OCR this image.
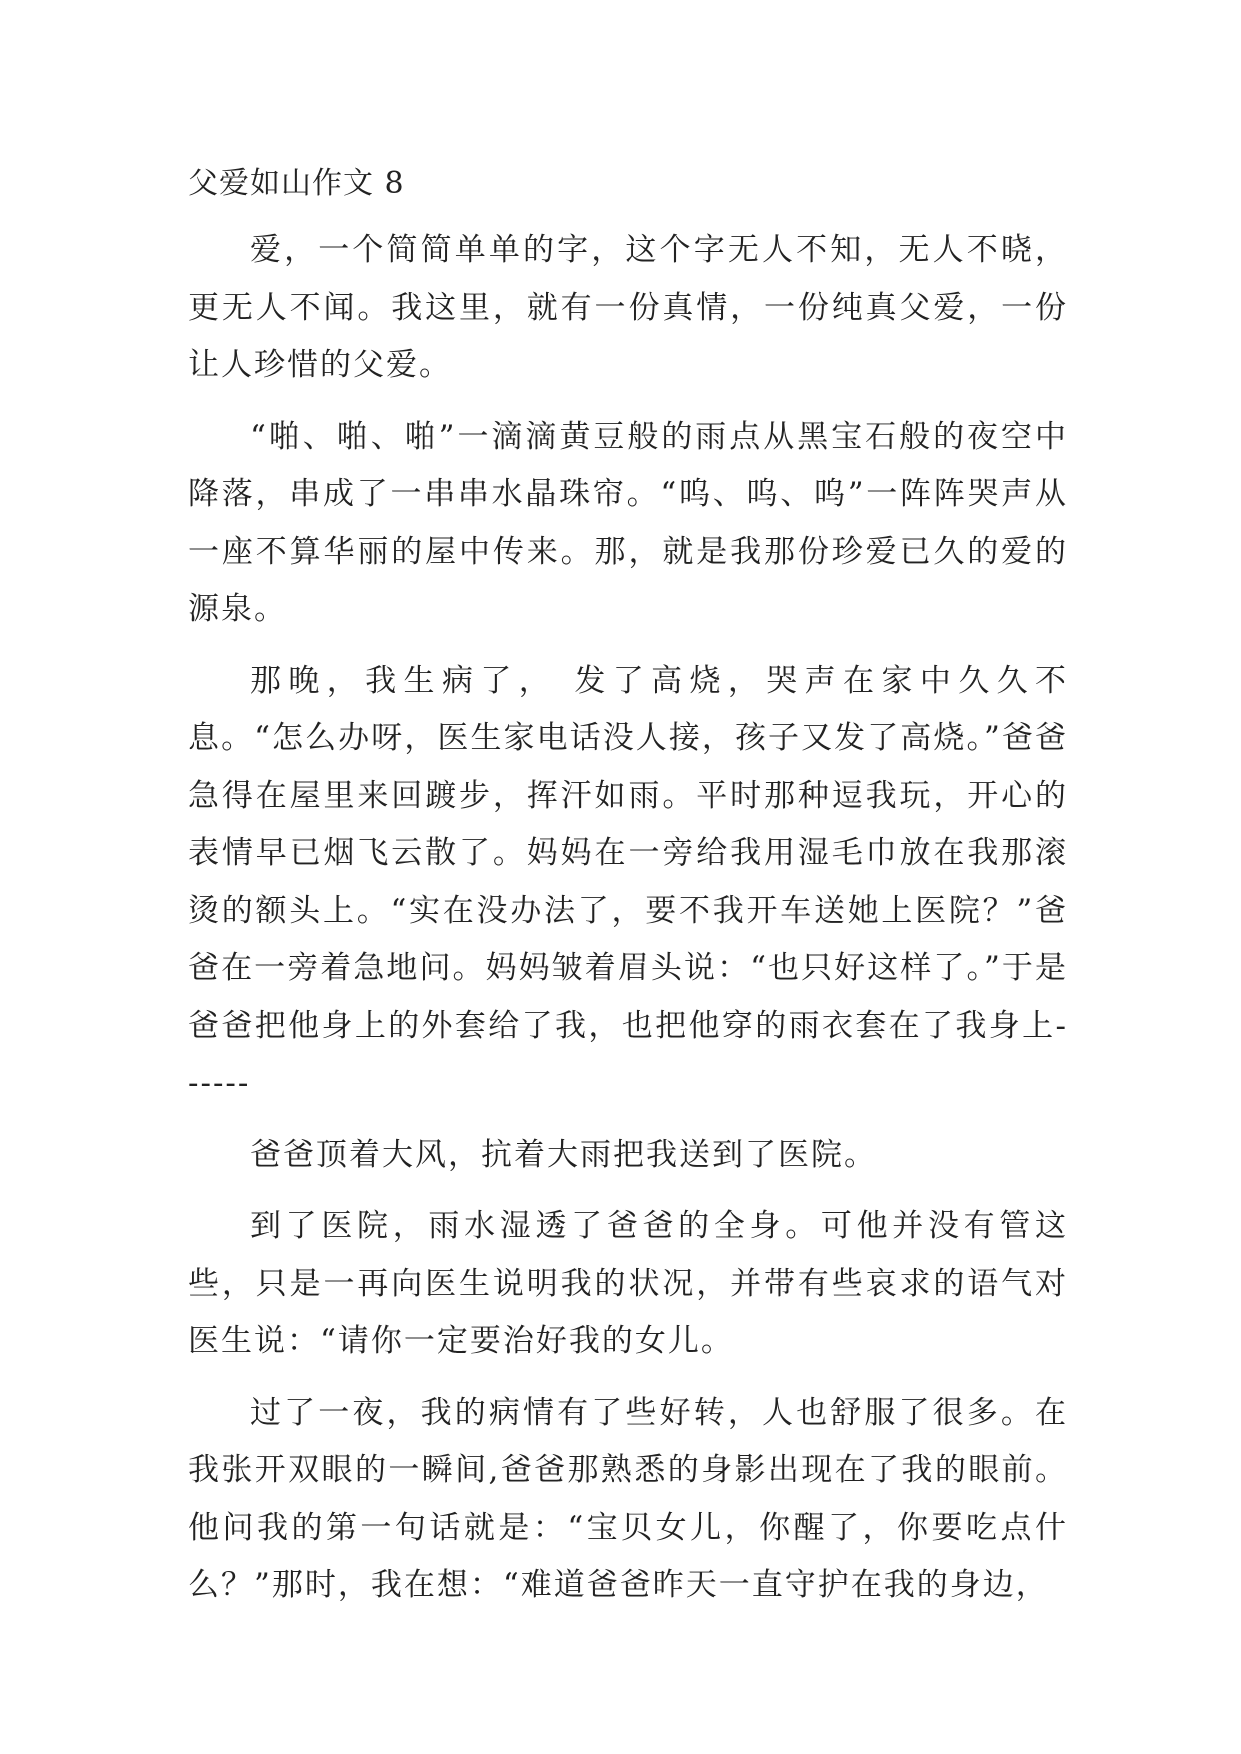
父爱如山作文 8

爱，一个简简单单的字，这个字无人不知，无人不晓，更无人不闻。我这里，就有一份真情，一份纯真父爱，一份让人珍惜的父爱。

“啪、啪、啪”一滴滴黄豆般的雨点从黑宝石般的夜空中降落，串成了一串串水晶珠帘。“呜、呜、呜”一阵阵哭声从一座不算华丽的屋中传来。那，就是我那份珍爱已久的爱的源泉。

那晚，我生病了， 发了高烧，哭声在家中久久不息。“怎么办呀，医生家电话没人接，孩子又发了高烧。”爸爸急得在屋里来回踱步，挥汗如雨。平时那种逗我玩，开心的表情早已烟飞云散了。妈妈在一旁给我用湿毛巾放在我那滚烫的额头上。“实在没办法了，要不我开车送她上医院？”爸爸在一旁着急地问。妈妈皱着眉头说：“也只好这样了。”于是爸爸把他身上的外套给了我，也把他穿的雨衣套在了我身上------

爸爸顶着大风，抗着大雨把我送到了医院。

到了医院，雨水湿透了爸爸的全身。可他并没有管这些，只是一再向医生说明我的状况，并带有些哀求的语气对医生说：“请你一定要治好我的女儿。

过了一夜，我的病情有了些好转，人也舒服了很多。在我张开双眼的一瞬间,爸爸那熟悉的身影出现在了我的眼前。他问我的第一句话就是：“宝贝女儿，你醒了，你要吃点什么？”那时，我在想：“难道爸爸昨天一直守护在我的身边，
